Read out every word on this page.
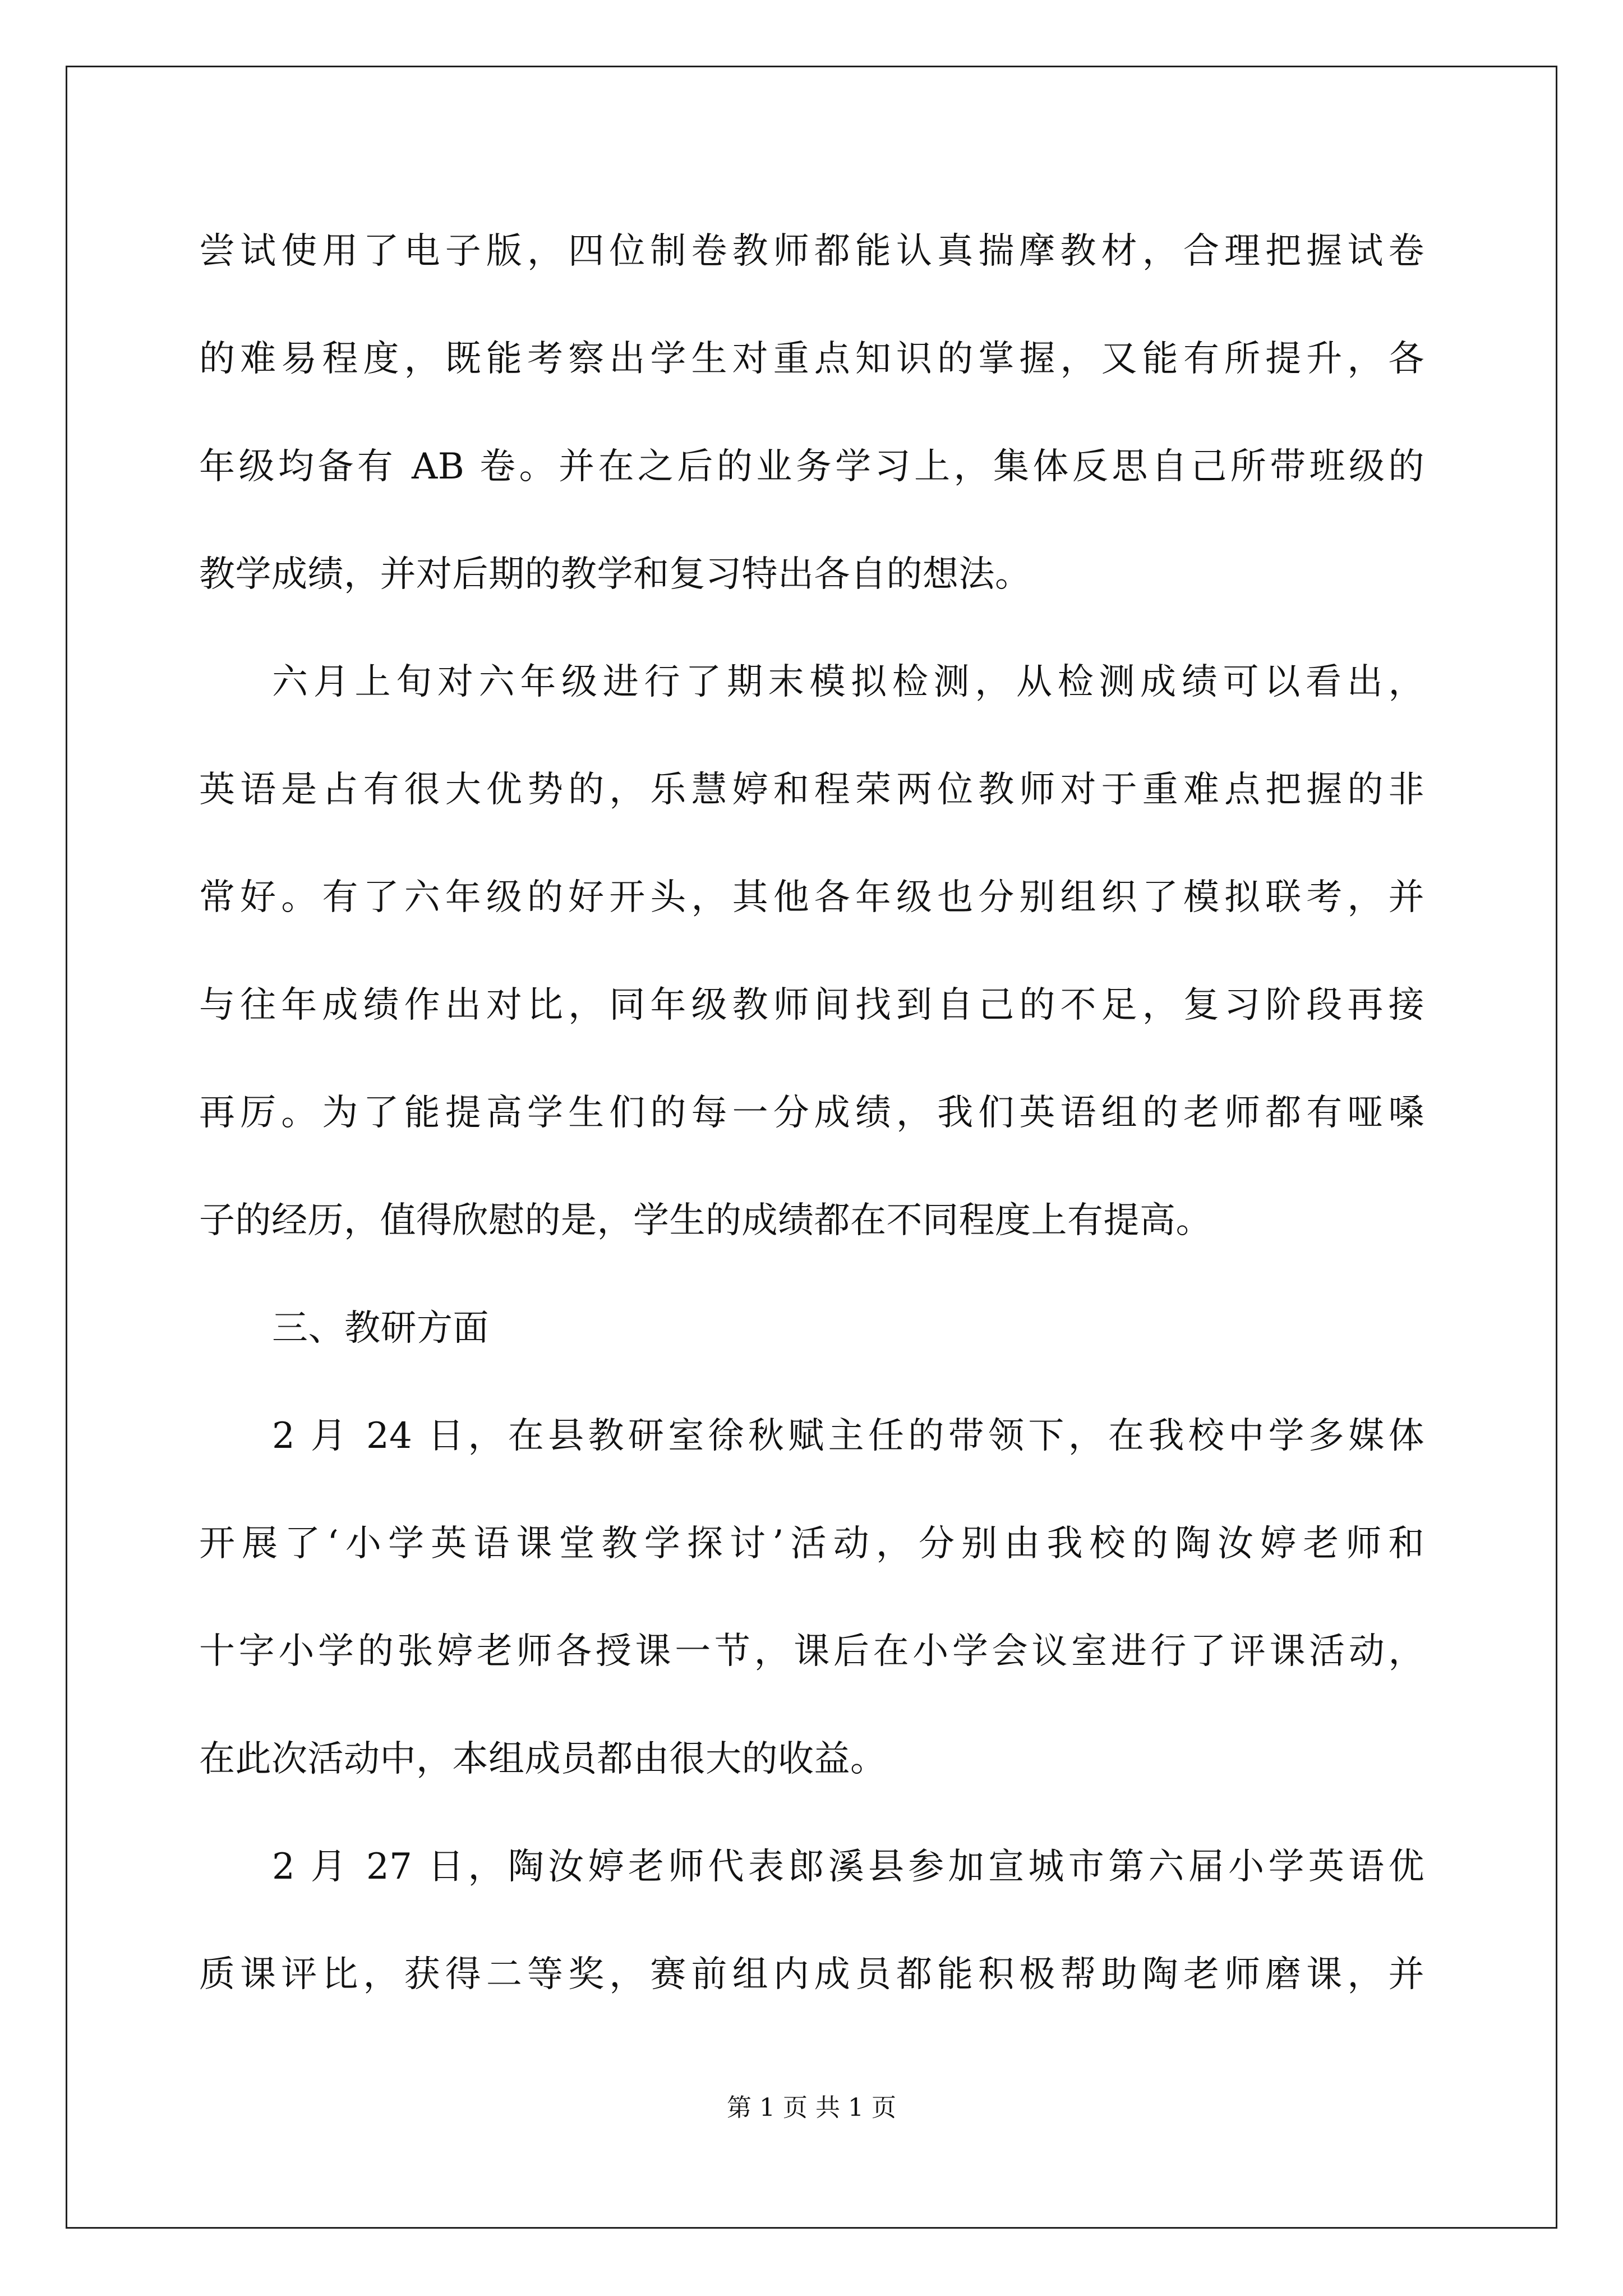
尝试使用了电子版，四位制卷教师都能认真揣摩教材，合理把握试卷
的难易程度，既能考察出学生对重点知识的掌握，又能有所提升，各
年级均备有 AB 卷。并在之后的业务学习上，集体反思自己所带班级的
教学成绩，并对后期的教学和复习特出各自的想法。
六月上旬对六年级进行了期末模拟检测，从检测成绩可以看出，
英语是占有很大优势的，乐慧婷和程荣两位教师对于重难点把握的非
常好。有了六年级的好开头，其他各年级也分别组织了模拟联考，并
与往年成绩作出对比，同年级教师间找到自己的不足，复习阶段再接
再厉。为了能提高学生们的每一分成绩，我们英语组的老师都有哑嗓
子的经历，值得欣慰的是，学生的成绩都在不同程度上有提高。
三、教研方面
2 月 24 日，在县教研室徐秋赋主任的带领下，在我校中学多媒体
开展了‘小学英语课堂教学探讨’活动，分别由我校的陶汝婷老师和
十字小学的张婷老师各授课一节，课后在小学会议室进行了评课活动，
在此次活动中，本组成员都由很大的收益。
2 月 27 日，陶汝婷老师代表郎溪县参加宣城市第六届小学英语优
质课评比，获得二等奖，赛前组内成员都能积极帮助陶老师磨课，并
第 1 页 共 1 页
